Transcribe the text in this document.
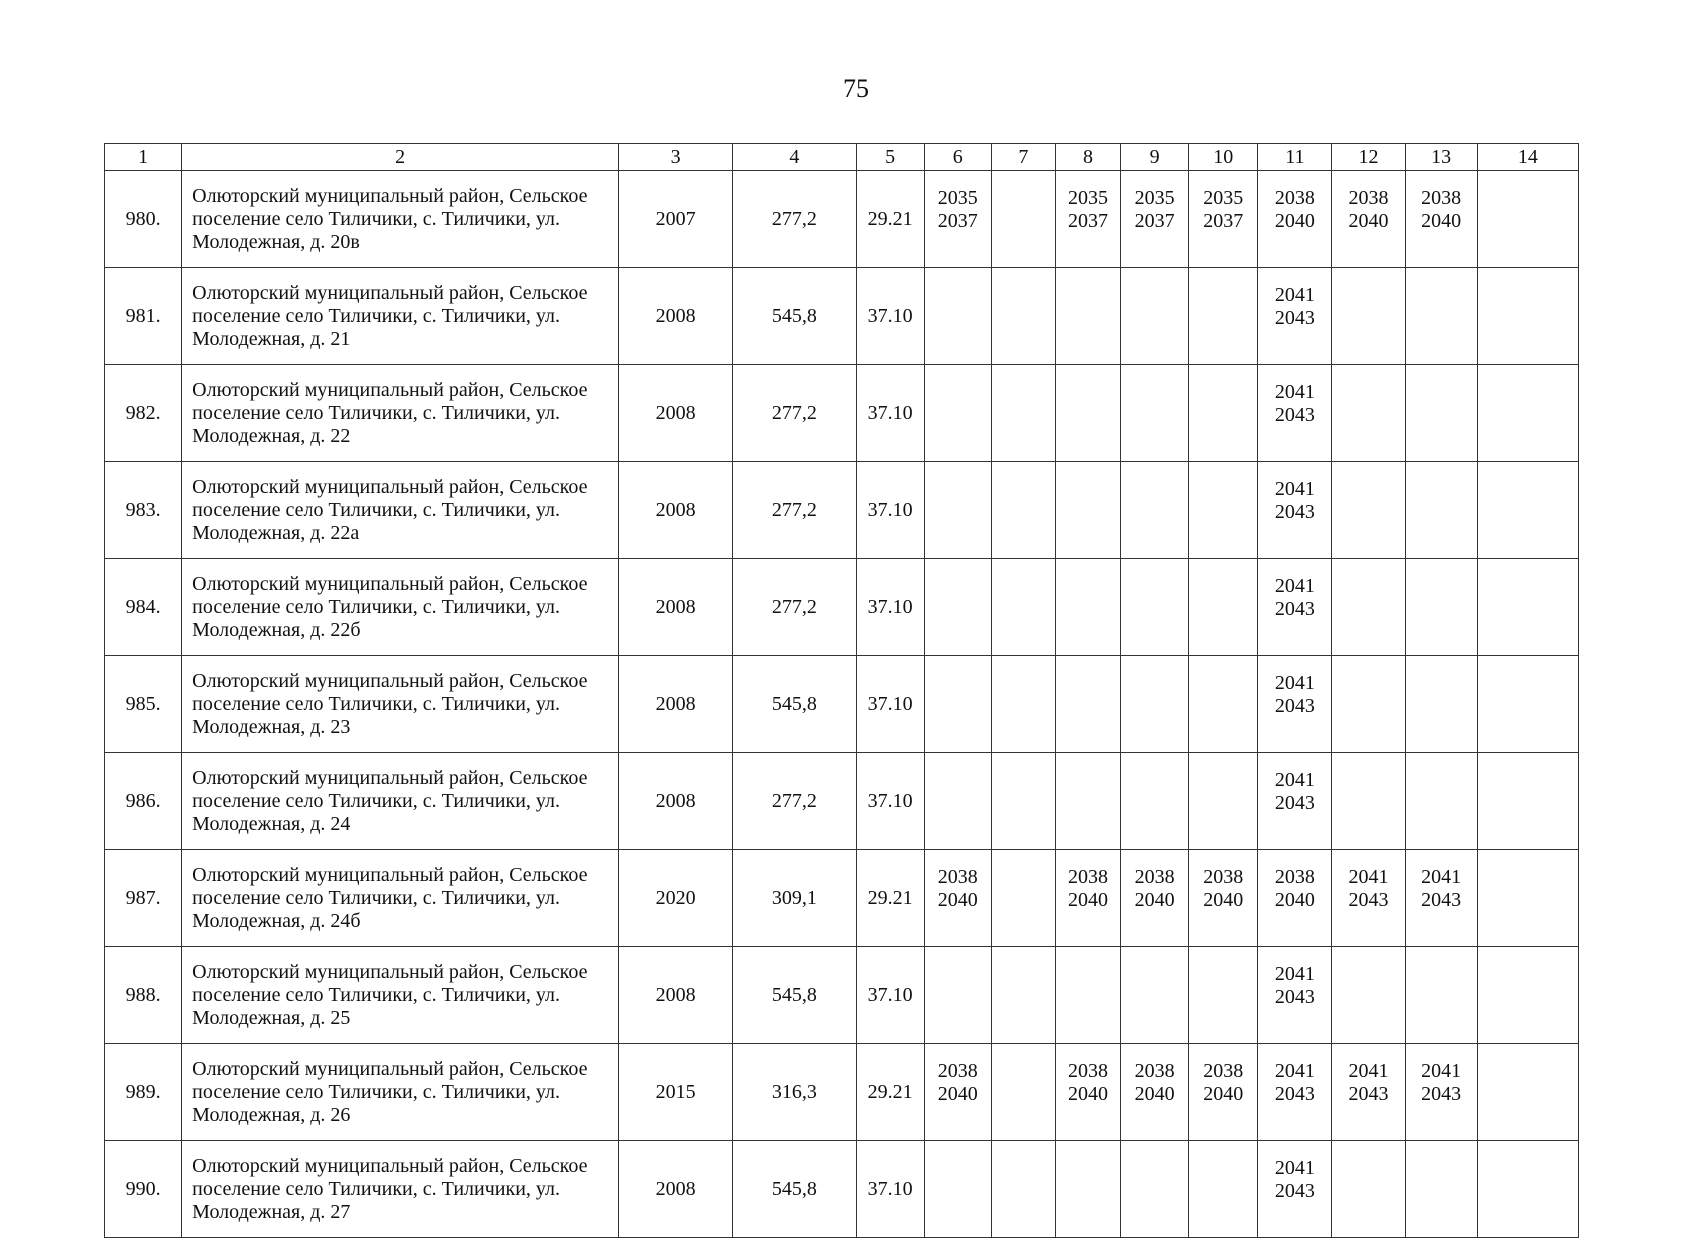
75
1	2	3	4	5	6	7	8	9	10	11	12	13	14
980.	Олюторский муниципальный район, Сельское
поселение село Тиличики, с. Тиличики, ул.
Молодежная, д. 20в	2007	277,2	29.21	2035
2037		2035
2037	2035
2037	2035
2037	2038
2040	2038
2040	2038
2040	

981.	Олюторский муниципальный район, Сельское
поселение село Тиличики, с. Тиличики, ул.
Молодежная, д. 21	2008	545,8	37.10						2041
2043			

982.	Олюторский муниципальный район, Сельское
поселение село Тиличики, с. Тиличики, ул.
Молодежная, д. 22	2008	277,2	37.10						2041
2043			

983.	Олюторский муниципальный район, Сельское
поселение село Тиличики, с. Тиличики, ул.
Молодежная, д. 22а	2008	277,2	37.10						2041
2043			

984.	Олюторский муниципальный район, Сельское
поселение село Тиличики, с. Тиличики, ул.
Молодежная, д. 22б	2008	277,2	37.10						2041
2043			

985.	Олюторский муниципальный район, Сельское
поселение село Тиличики, с. Тиличики, ул.
Молодежная, д. 23	2008	545,8	37.10						2041
2043			

986.	Олюторский муниципальный район, Сельское
поселение село Тиличики, с. Тиличики, ул.
Молодежная, д. 24	2008	277,2	37.10						2041
2043			

987.	Олюторский муниципальный район, Сельское
поселение село Тиличики, с. Тиличики, ул.
Молодежная, д. 24б	2020	309,1	29.21	2038
2040		2038
2040	2038
2040	2038
2040	2038
2040	2041
2043	2041
2043	

988.	Олюторский муниципальный район, Сельское
поселение село Тиличики, с. Тиличики, ул.
Молодежная, д. 25	2008	545,8	37.10						2041
2043			

989.	Олюторский муниципальный район, Сельское
поселение село Тиличики, с. Тиличики, ул.
Молодежная, д. 26	2015	316,3	29.21	2038
2040		2038
2040	2038
2040	2038
2040	2041
2043	2041
2043	2041
2043	

990.	Олюторский муниципальный район, Сельское
поселение село Тиличики, с. Тиличики, ул.
Молодежная, д. 27	2008	545,8	37.10						2041
2043			
